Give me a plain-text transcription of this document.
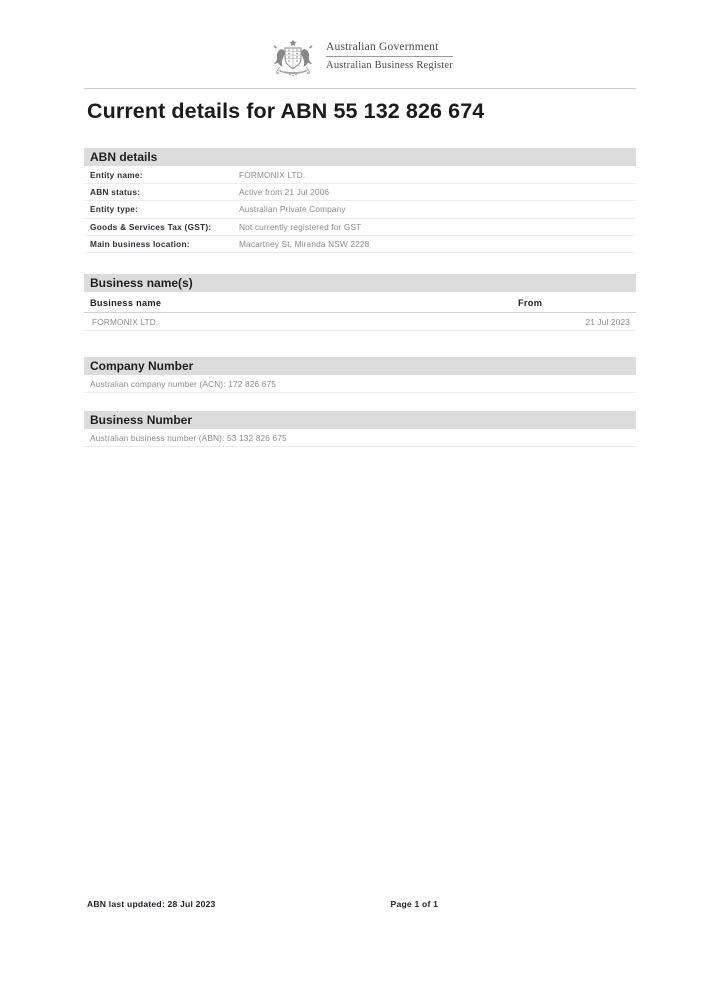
Australian Government
Australian Business Register
Current details for ABN 55 132 826 674
ABN details
Entity name:	FORMONIX LTD.
ABN status:	Active from 21 Jul 2006
Entity type:	Australian Private Company
Goods & Services Tax (GST):	Not currently registered for GST
Main business location:	Macartney St, Miranda NSW 2228
Business name(s)
Business name	From
FORMONIX LTD.	21 Jul 2023
Company Number
Australian company number (ACN): 172 826 675
Business Number
Australian business number (ABN): 53 132 826 675
ABN last updated: 28 Jul 2023	Page 1 of 1
